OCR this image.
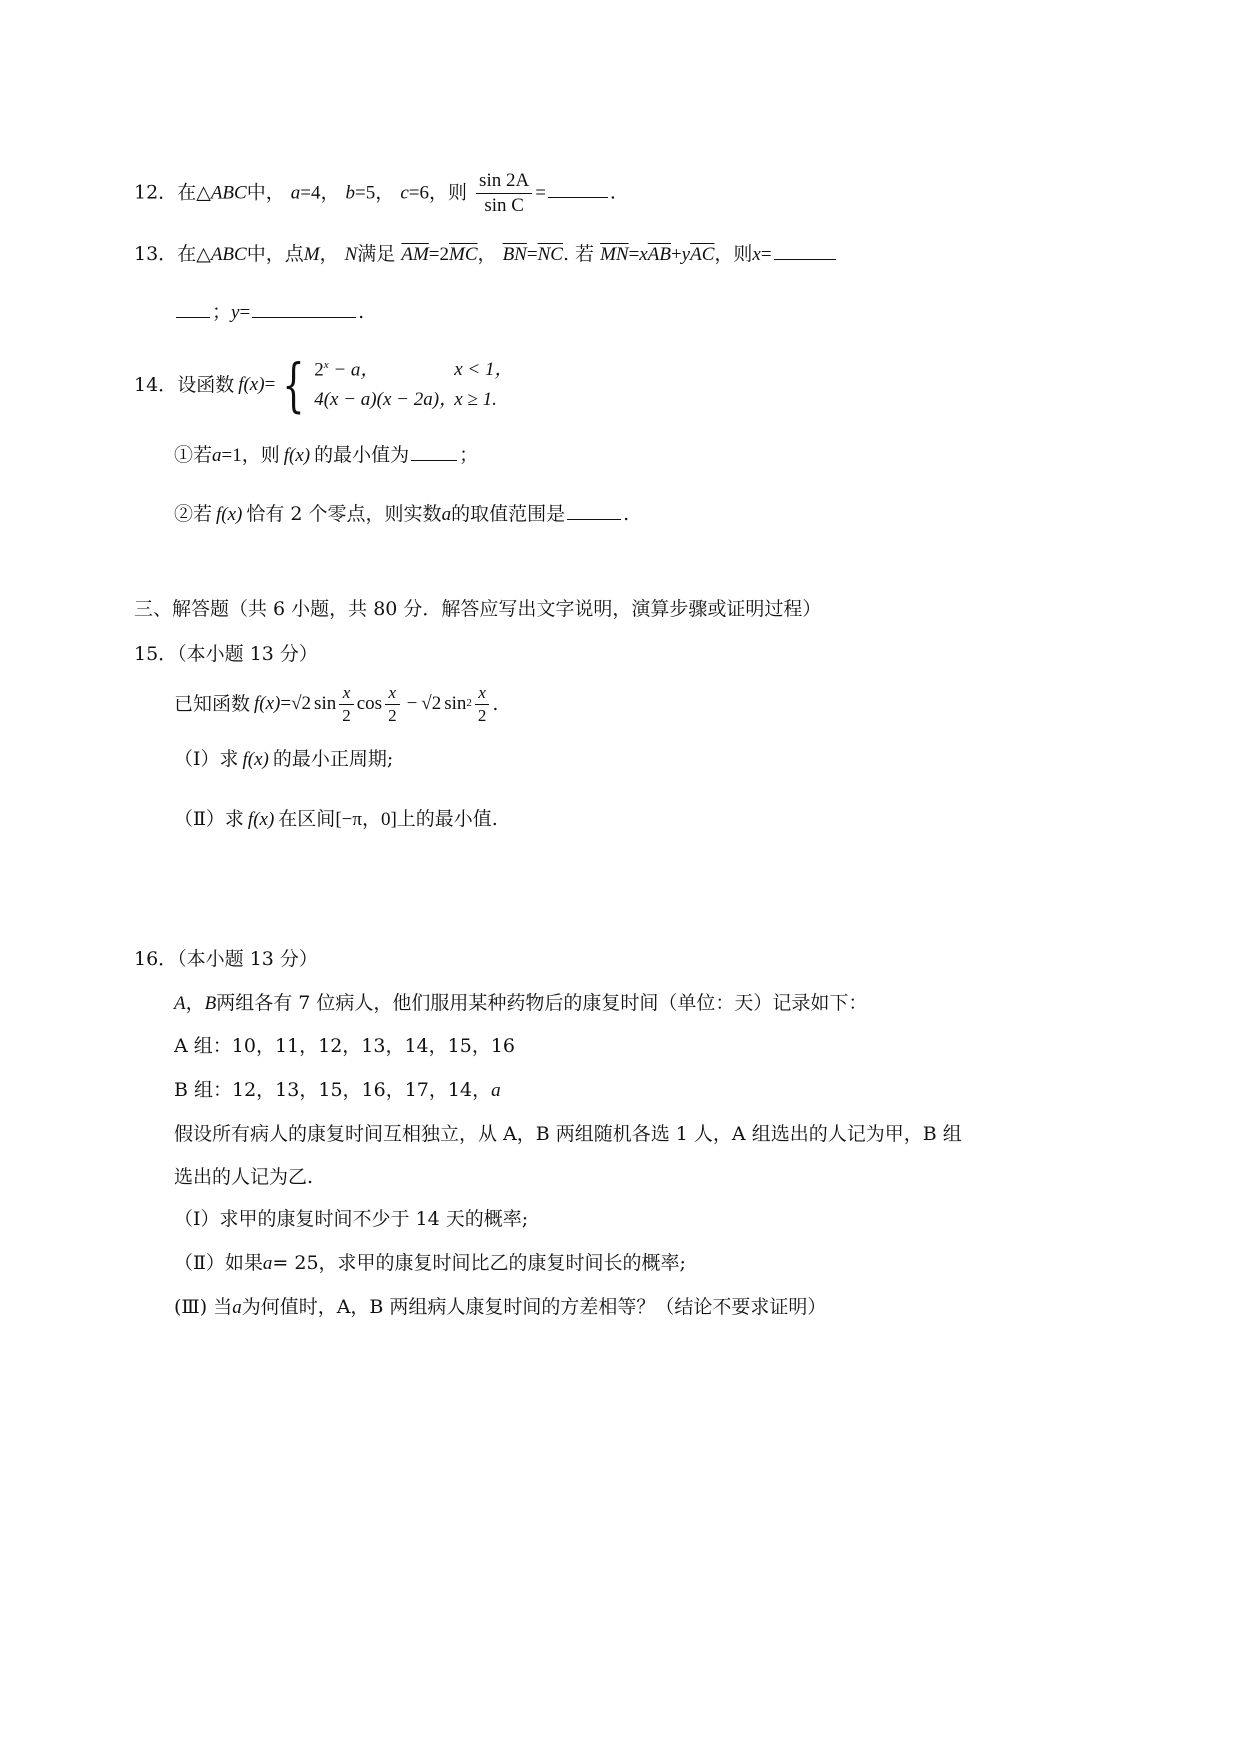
12．在△ABC中， a=4， b=5， c=6，则 $\frac{\sin 2A}{\text{sin C}}$ =	.
13．在△ABC中，点M， N满足 $\overline{AM}=2\overline{MC}$， $\overline{BN}=\overline{NC}$. 若 $\overline{MN}=x\overline{AB}+y\overline{AC}$，则x=
；y=	.
14． 设函数 f(x) = { $2^x - a$，	x < 1，
4(x − a)(x − 2a)，x ≥ 1.
①若a=1，则 f(x) 的最小值为	；
②若 f(x) 恰有 2 个零点，则实数a的取值范围是	.
三、解答题（共 6 小题，共 80 分．解答应写出文字说明，演算步骤或证明过程）
15．（本小题 13 分）
已知函数 f(x) = √2 $\sin \frac{x}{2}$ $\cos \frac{x}{2} - √2$ $\sin 2 \frac{x}{2}$ .
（Ⅰ）求 f(x) 的最小正周期;
（Ⅱ）求 f(x) 在区间[−π，0]上的最小值.
16．（本小题 13 分）
A，B两组各有 7 位病人，他们服用某种药物后的康复时间（单位：天）记录如下：
A 组：10，11，12，13，14，15，16
B 组：12，13，15，16，17，14，a
假设所有病人的康复时间互相独立，从 A，B 两组随机各选 1 人，A 组选出的人记为甲，B 组
选出的人记为乙.
（Ⅰ）求甲的康复时间不少于 14 天的概率;
（Ⅱ）如果a= 25，求甲的康复时间比乙的康复时间长的概率;
(Ⅲ) 当a为何值时，A，B 两组病人康复时间的方差相等？（结论不要求证明）
